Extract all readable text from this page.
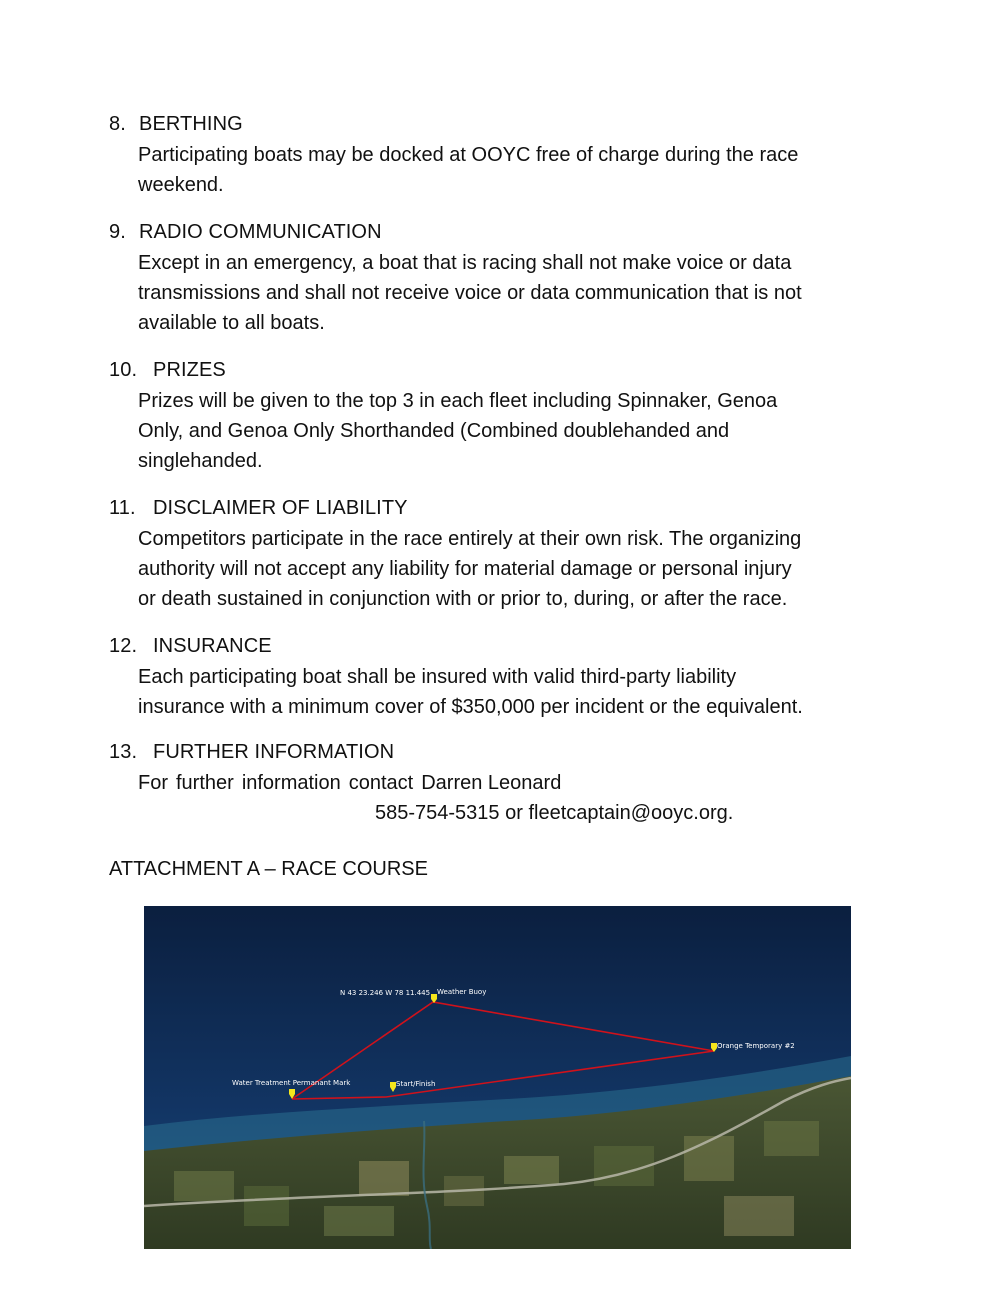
8. BERTHING
Participating boats may be docked at OOYC free of charge during the race
weekend.
9. RADIO COMMUNICATION
Except in an emergency, a boat that is racing shall not make voice or data
transmissions and shall not receive voice or data communication that is not
available to all boats.
10. PRIZES
Prizes will be given to the top 3 in each fleet including Spinnaker, Genoa
Only, and Genoa Only Shorthanded (Combined doublehanded and
singlehanded.
11. DISCLAIMER OF LIABILITY
Competitors participate in the race entirely at their own risk. The organizing
authority will not accept any liability for material damage or personal injury
or death sustained in conjunction with or prior to, during, or after the race.
12. INSURANCE
Each participating boat shall be insured with valid third-party liability
insurance with a minimum cover of $350,000 per incident or the equivalent.
13. FURTHER INFORMATION
For further information contact Darren Leonard
585-754-5315 or fleetcaptain@ooyc.org.
ATTACHMENT A – RACE COURSE
Weather Buoy
N 43 23.246 W 78 11.445
Orange Temporary #2
Start/Finish
Water Treatment Permanant Mark
